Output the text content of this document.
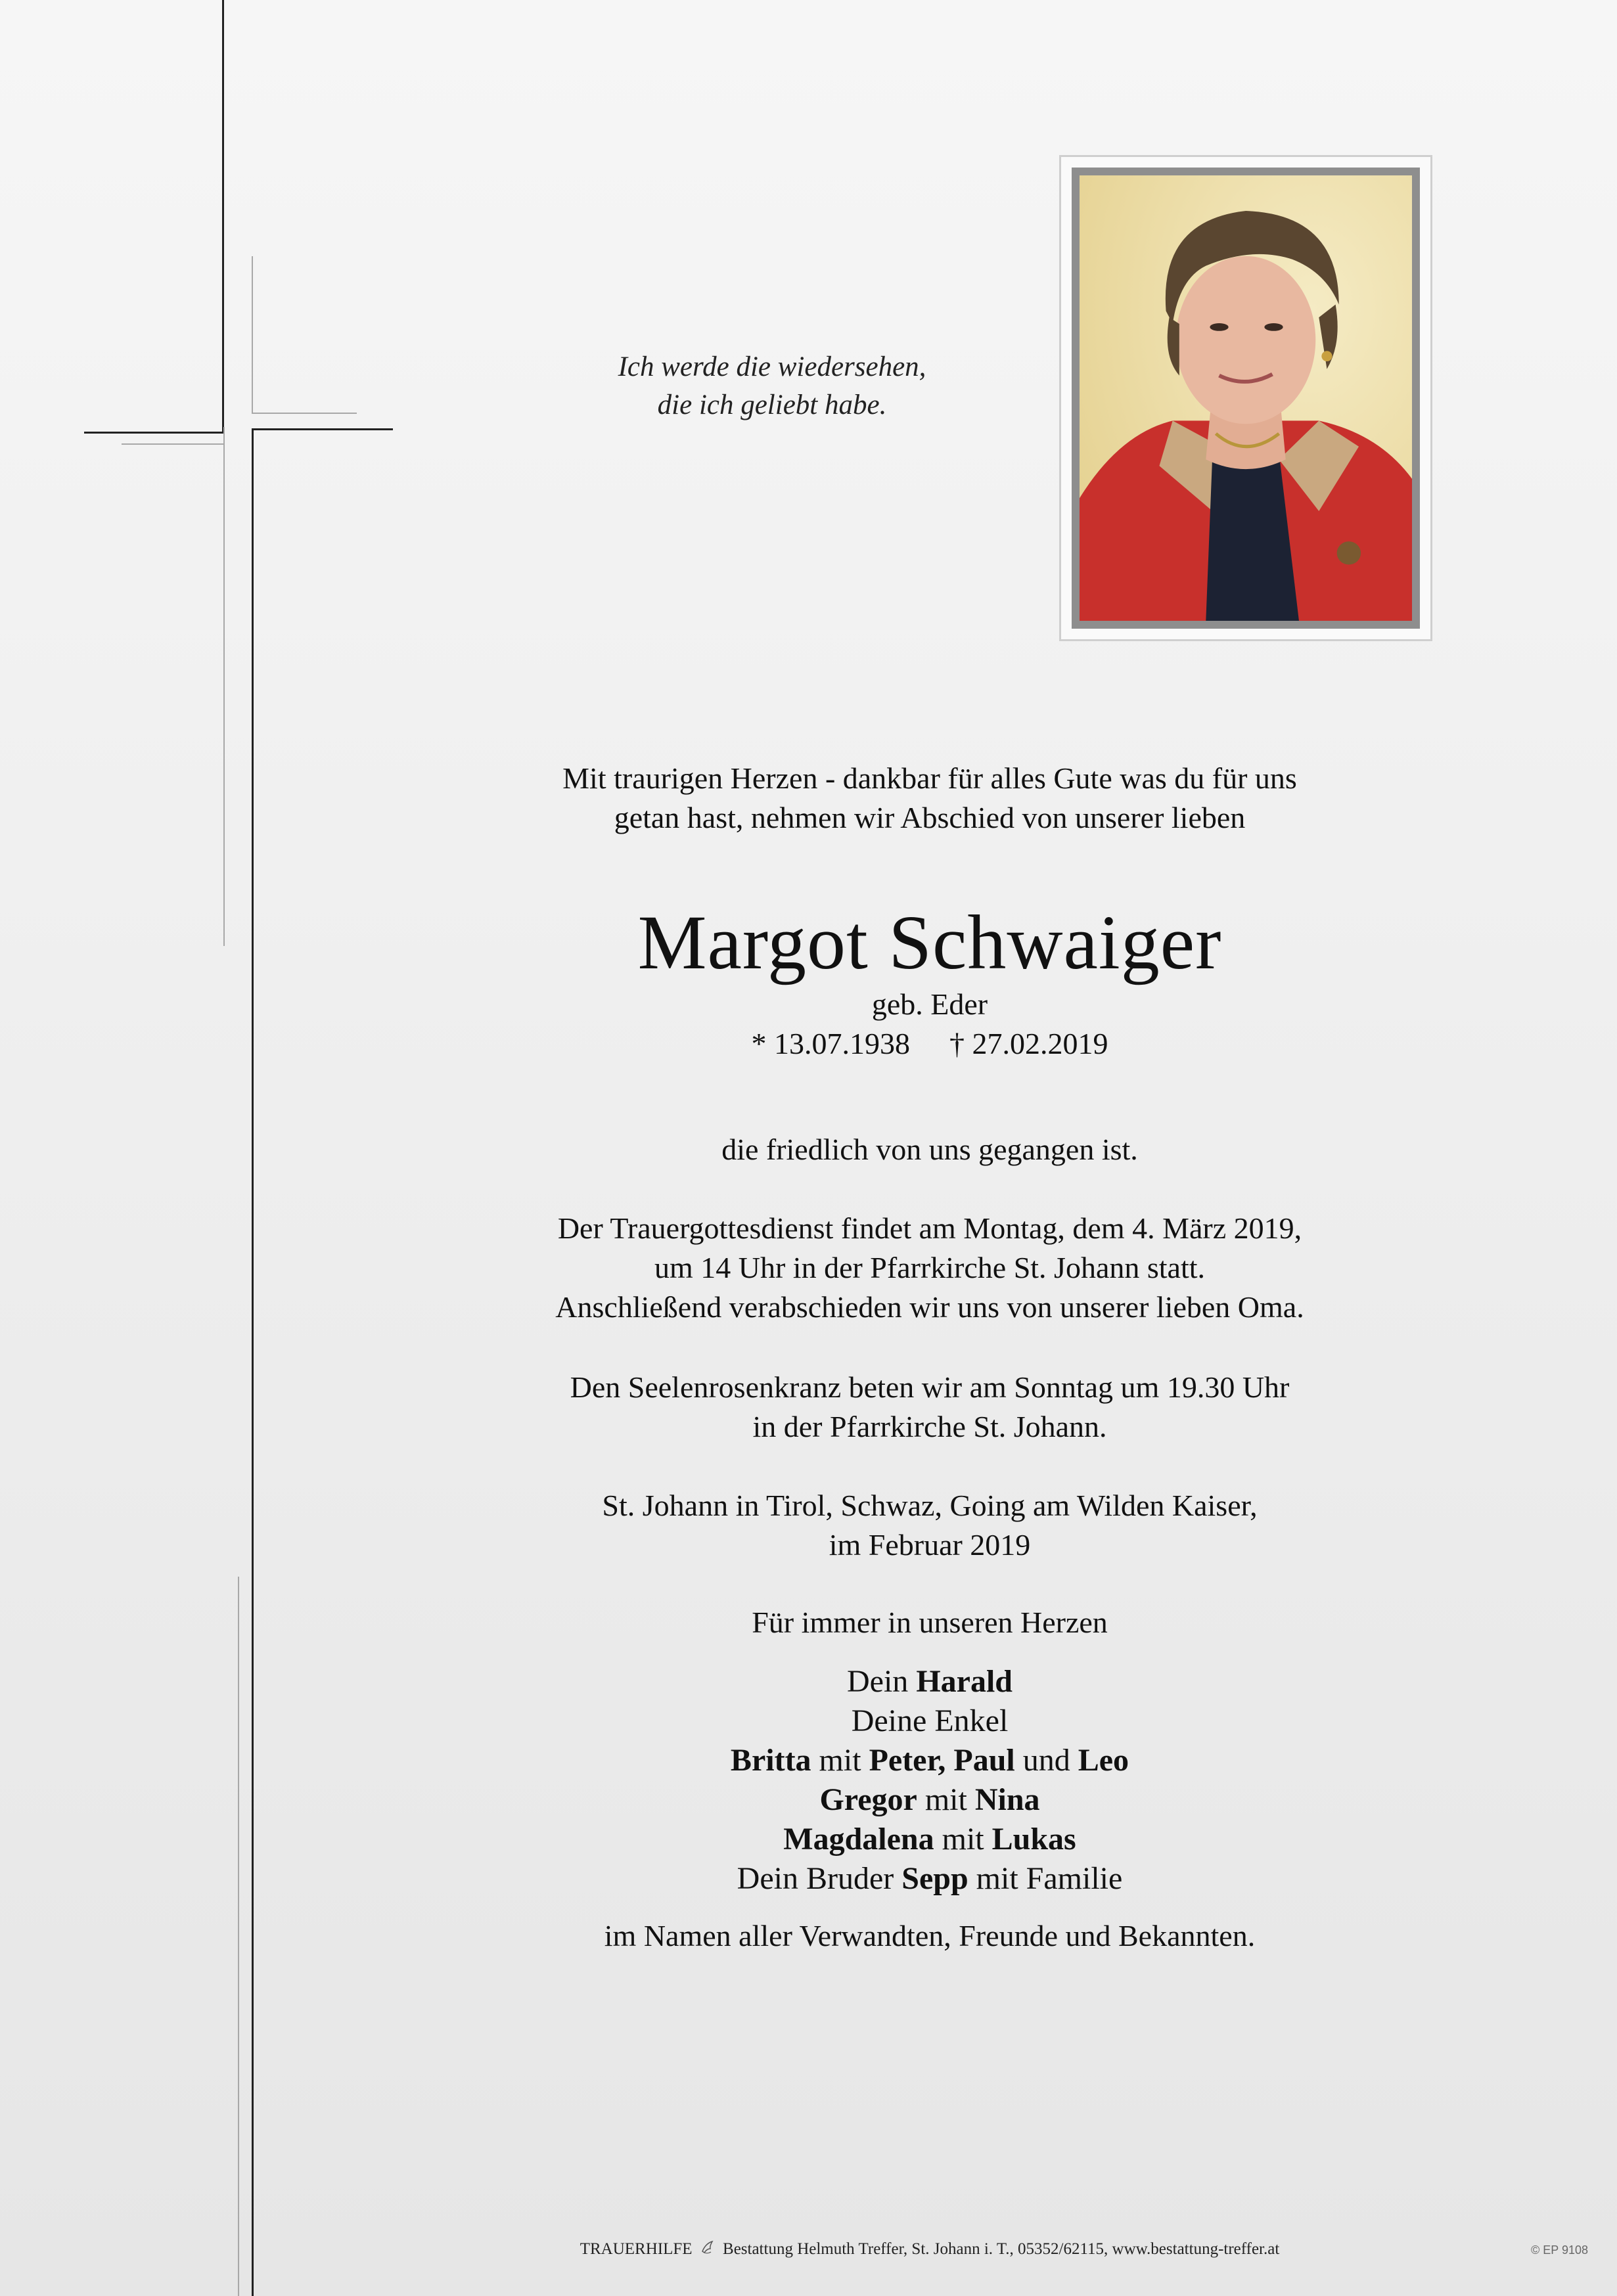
Ich werde die wiedersehen,

die ich geliebt habe.

Mit traurigen Herzen - dankbar für alles Gute was du für uns

getan hast, nehmen wir Abschied von unserer lieben

Margot Schwaiger
geb. Eder
* 13.07.1938 † 27.02.2019
die friedlich von uns gegangen ist.

Der Trauergottesdienst findet am Montag, dem 4. März 2019,

um 14 Uhr in der Pfarrkirche St. Johann statt.

Anschließend verabschieden wir uns von unserer lieben Oma.

Den Seelenrosenkranz beten wir am Sonntag um 19.30 Uhr

in der Pfarrkirche St. Johann.

St. Johann in Tirol, Schwaz, Going am Wilden Kaiser,

im Februar 2019

Für immer in unseren Herzen

Dein Harald

Deine Enkel

Britta mit Peter, Paul und Leo

Gregor mit Nina

Magdalena mit Lukas

Dein Bruder Sepp mit Familie

im Namen aller Verwandten, Freunde und Bekannten.
TRAUERHILFE Bestattung Helmuth Treffer, St. Johann i. T., 05352/62115, www.bestattung-treffer.at	© EP 9108
